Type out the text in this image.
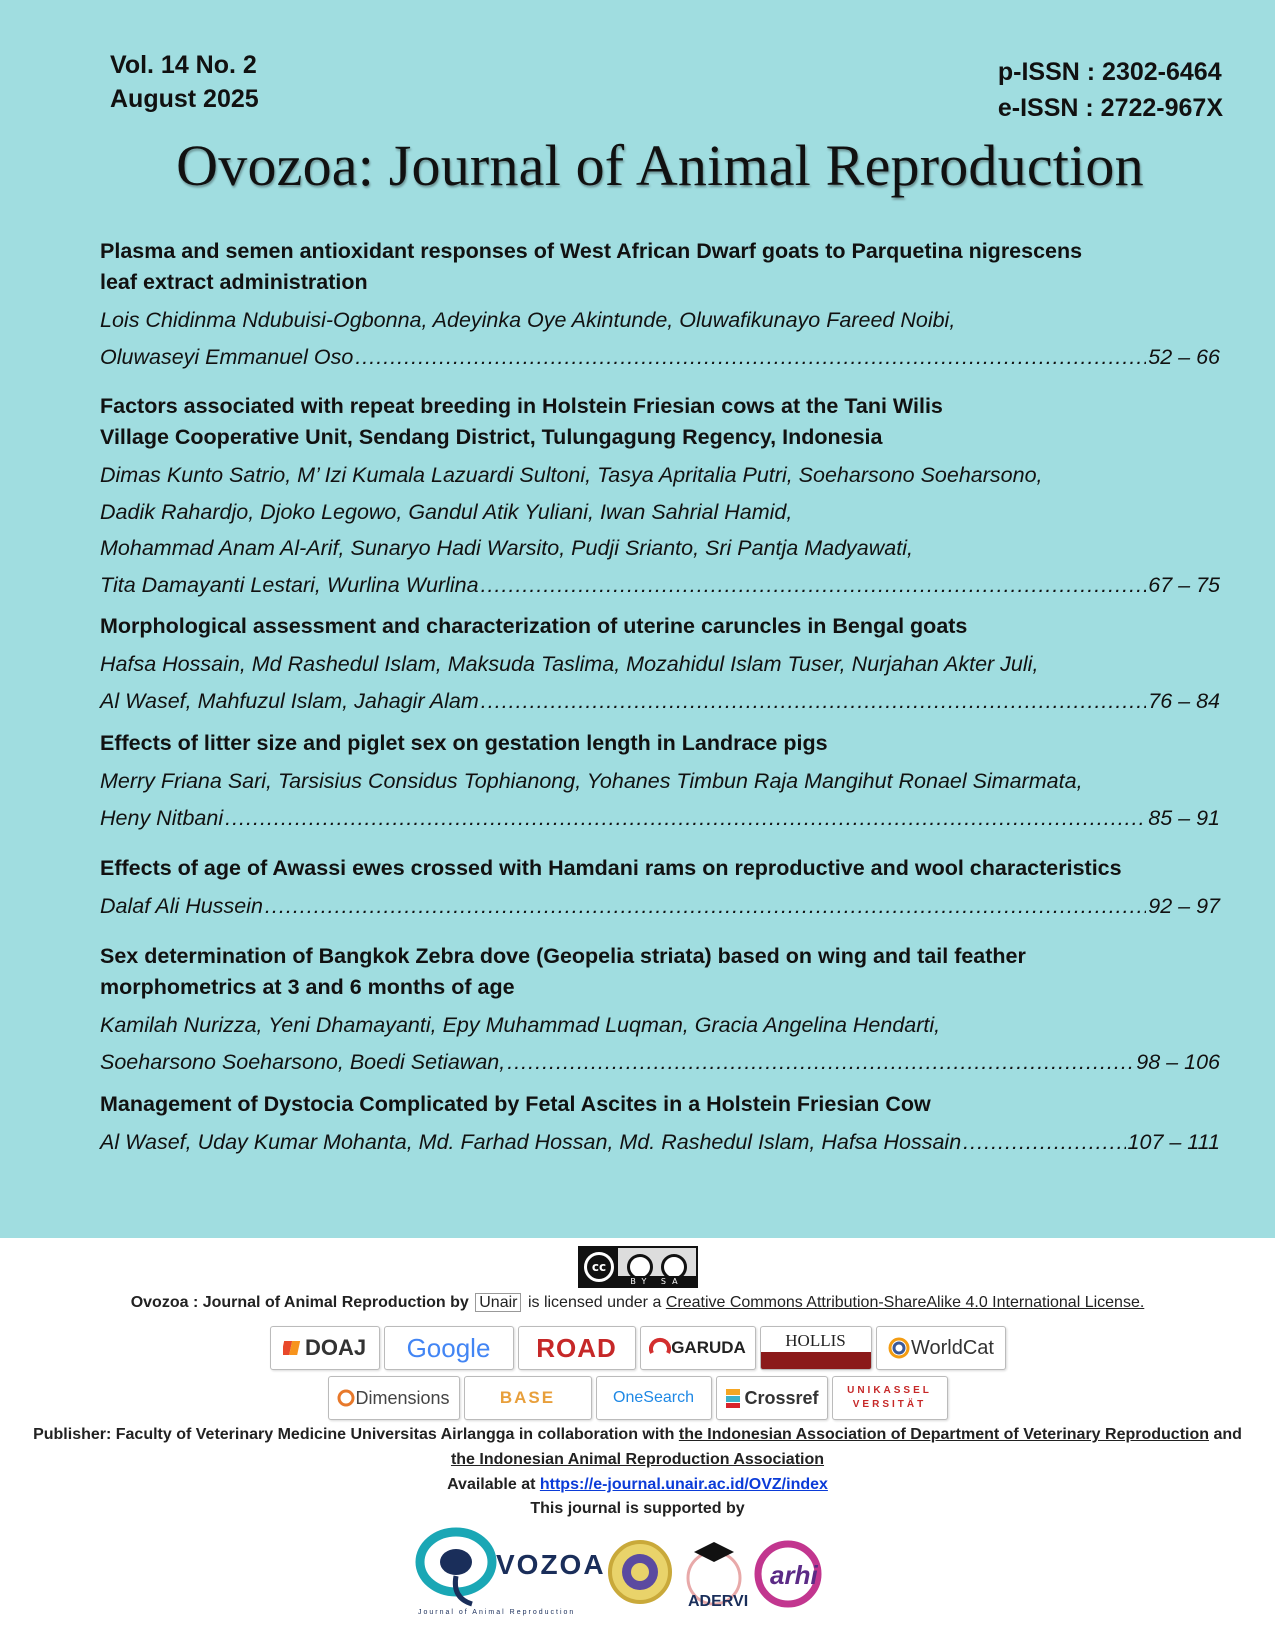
Vol. 14 No. 2
August 2025
p-ISSN : 2302-6464
e-ISSN : 2722-967X
Ovozoa: Journal of Animal Reproduction
Plasma and semen antioxidant responses of West African Dwarf goats to Parquetina nigrescens
leaf extract administration
Lois Chidinma Ndubuisi-Ogbonna, Adeyinka Oye Akintunde, Oluwafikunayo Fareed Noibi,
Oluwaseyi Emmanuel Oso .....	52 – 66
Factors associated with repeat breeding in Holstein Friesian cows at the Tani Wilis
Village Cooperative Unit, Sendang District, Tulungagung Regency, Indonesia
Dimas Kunto Satrio, M’ Izi Kumala Lazuardi Sultoni, Tasya Apritalia Putri, Soeharsono Soeharsono,
Dadik Rahardjo, Djoko Legowo, Gandul Atik Yuliani, Iwan Sahrial Hamid,
Mohammad Anam Al-Arif, Sunaryo Hadi Warsito, Pudji Srianto, Sri Pantja Madyawati,
Tita Damayanti Lestari, Wurlina Wurlina .....	67 – 75
Morphological assessment and characterization of uterine caruncles in Bengal goats
Hafsa Hossain, Md Rashedul Islam, Maksuda Taslima, Mozahidul Islam Tuser, Nurjahan Akter Juli,
Al Wasef, Mahfuzul Islam, Jahagir Alam .....	76 – 84
Effects of litter size and piglet sex on gestation length in Landrace pigs
Merry Friana Sari, Tarsisius Considus Tophianong, Yohanes Timbun Raja Mangihut Ronael Simarmata,
Heny Nitbani .....	85 – 91
Effects of age of Awassi ewes crossed with Hamdani rams on reproductive and wool characteristics
Dalaf Ali Hussein .....	92 – 97
Sex determination of Bangkok Zebra dove (Geopelia striata) based on wing and tail feather
morphometrics at 3 and 6 months of age
Kamilah Nurizza, Yeni Dhamayanti, Epy Muhammad Luqman, Gracia Angelina Hendarti,
Soeharsono Soeharsono, Boedi Setiawan, .....	98 – 106
Management of Dystocia Complicated by Fetal Ascites in a Holstein Friesian Cow
Al Wasef, Uday Kumar Mohanta, Md. Farhad Hossan, Md. Rashedul Islam, Hafsa Hossain .....	107 – 111
cc
BY SA
Ovozoa : Journal of Animal Reproduction by Unair is licensed under a Creative Commons Attribution-ShareAlike 4.0 International License.
DOAJ Google ROAD	GARUDA HOLLIS	WorldCat
Dimensions	BASE	OneSearch	Crossref	UNIKASSEL VERSITÄT
Publisher: Faculty of Veterinary Medicine Universitas Airlangga in collaboration with the Indonesian Association of Department of Veterinary Reproduction and
the Indonesian Animal Reproduction Association
Available at https://e-journal.unair.ac.id/OVZ/index
This journal is supported by
VOZOA
Journal of Animal Reproduction
ADERVI
arhi
